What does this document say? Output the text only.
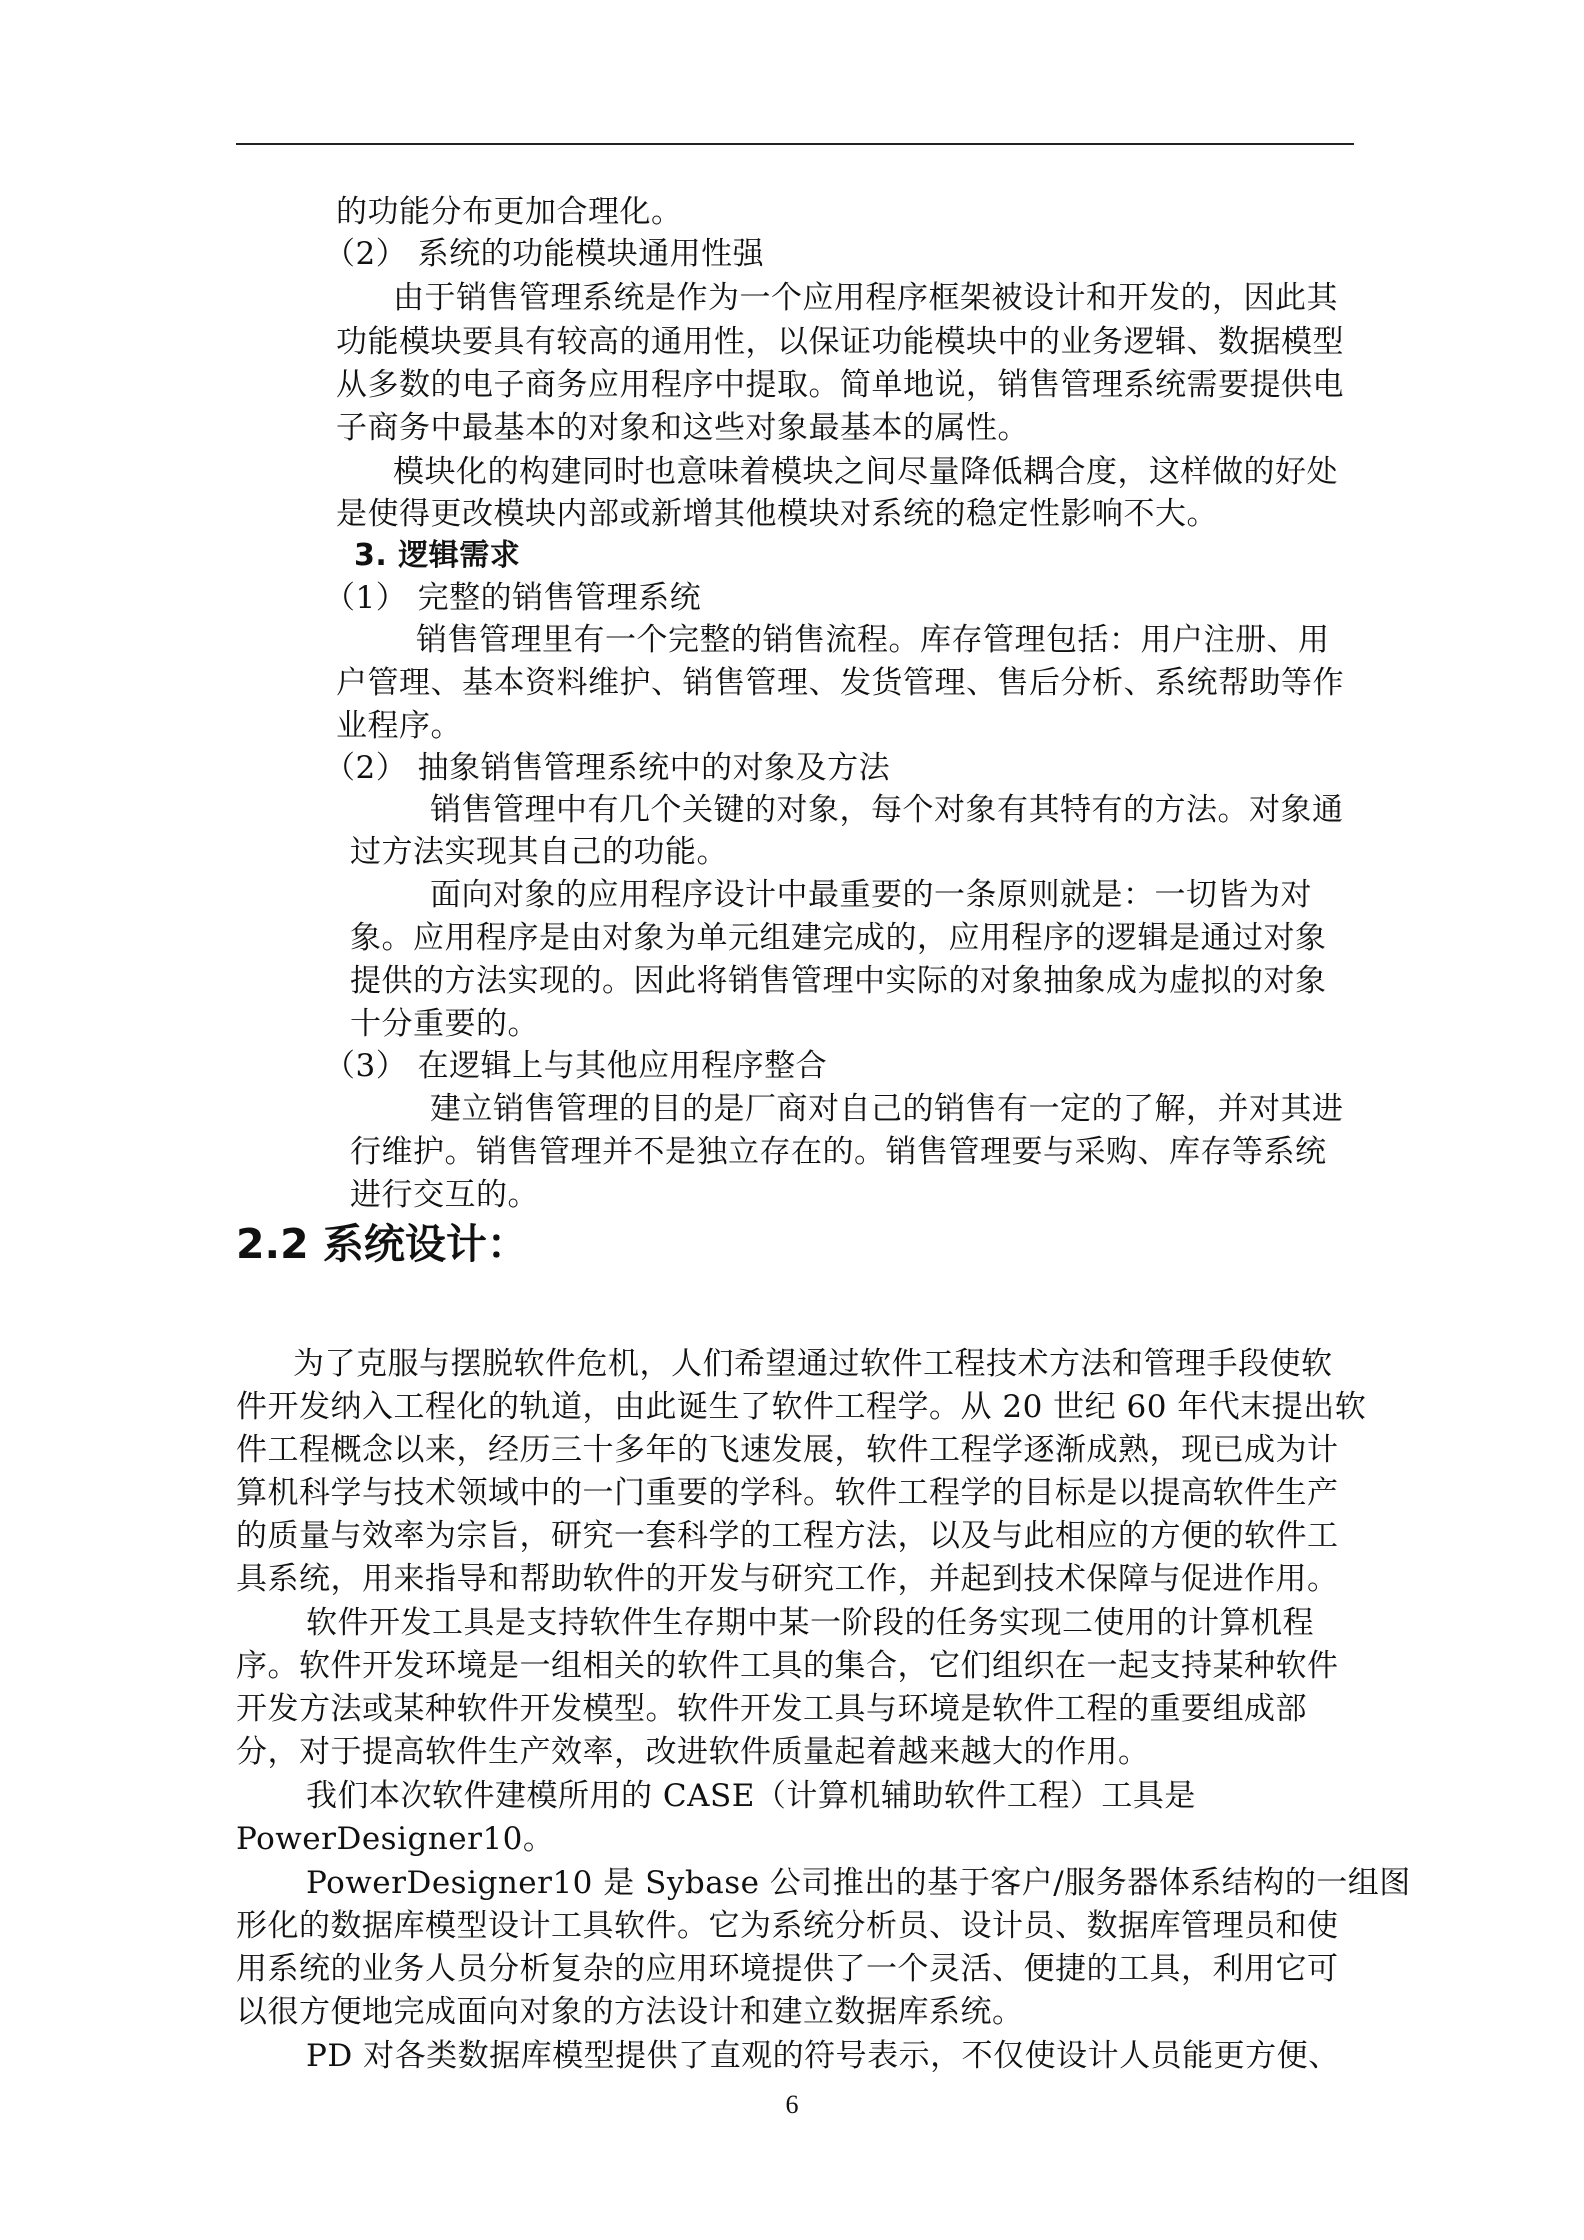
的功能分布更加合理化。

（2） 系统的功能模块通用性强

由于销售管理系统是作为一个应用程序框架被设计和开发的，因此其

功能模块要具有较高的通用性，以保证功能模块中的业务逻辑、数据模型

从多数的电子商务应用程序中提取。简单地说，销售管理系统需要提供电

子商务中最基本的对象和这些对象最基本的属性。

模块化的构建同时也意味着模块之间尽量降低耦合度，这样做的好处

是使得更改模块内部或新增其他模块对系统的稳定性影响不大。

3. 逻辑需求

（1） 完整的销售管理系统

销售管理里有一个完整的销售流程。库存管理包括：用户注册、用

户管理、基本资料维护、销售管理、发货管理、售后分析、系统帮助等作

业程序。

（2） 抽象销售管理系统中的对象及方法

销售管理中有几个关键的对象，每个对象有其特有的方法。对象通

过方法实现其自己的功能。

面向对象的应用程序设计中最重要的一条原则就是：一切皆为对

象。应用程序是由对象为单元组建完成的，应用程序的逻辑是通过对象

提供的方法实现的。因此将销售管理中实际的对象抽象成为虚拟的对象

十分重要的。

（3） 在逻辑上与其他应用程序整合

建立销售管理的目的是厂商对自己的销售有一定的了解，并对其进

行维护。销售管理并不是独立存在的。销售管理要与采购、库存等系统

进行交互的。

2.2 系统设计：

为了克服与摆脱软件危机，人们希望通过软件工程技术方法和管理手段使软

件开发纳入工程化的轨道，由此诞生了软件工程学。从 20 世纪 60 年代末提出软

件工程概念以来，经历三十多年的飞速发展，软件工程学逐渐成熟，现已成为计

算机科学与技术领域中的一门重要的学科。软件工程学的目标是以提高软件生产

的质量与效率为宗旨，研究一套科学的工程方法，以及与此相应的方便的软件工

具系统，用来指导和帮助软件的开发与研究工作，并起到技术保障与促进作用。

软件开发工具是支持软件生存期中某一阶段的任务实现二使用的计算机程

序。软件开发环境是一组相关的软件工具的集合，它们组织在一起支持某种软件

开发方法或某种软件开发模型。软件开发工具与环境是软件工程的重要组成部

分，对于提高软件生产效率，改进软件质量起着越来越大的作用。

我们本次软件建模所用的 CASE（计算机辅助软件工程）工具是

PowerDesigner10。

PowerDesigner10 是 Sybase 公司推出的基于客户/服务器体系结构的一组图

形化的数据库模型设计工具软件。它为系统分析员、设计员、数据库管理员和使

用系统的业务人员分析复杂的应用环境提供了一个灵活、便捷的工具，利用它可

以很方便地完成面向对象的方法设计和建立数据库系统。

PD 对各类数据库模型提供了直观的符号表示，不仅使设计人员能更方便、

6
